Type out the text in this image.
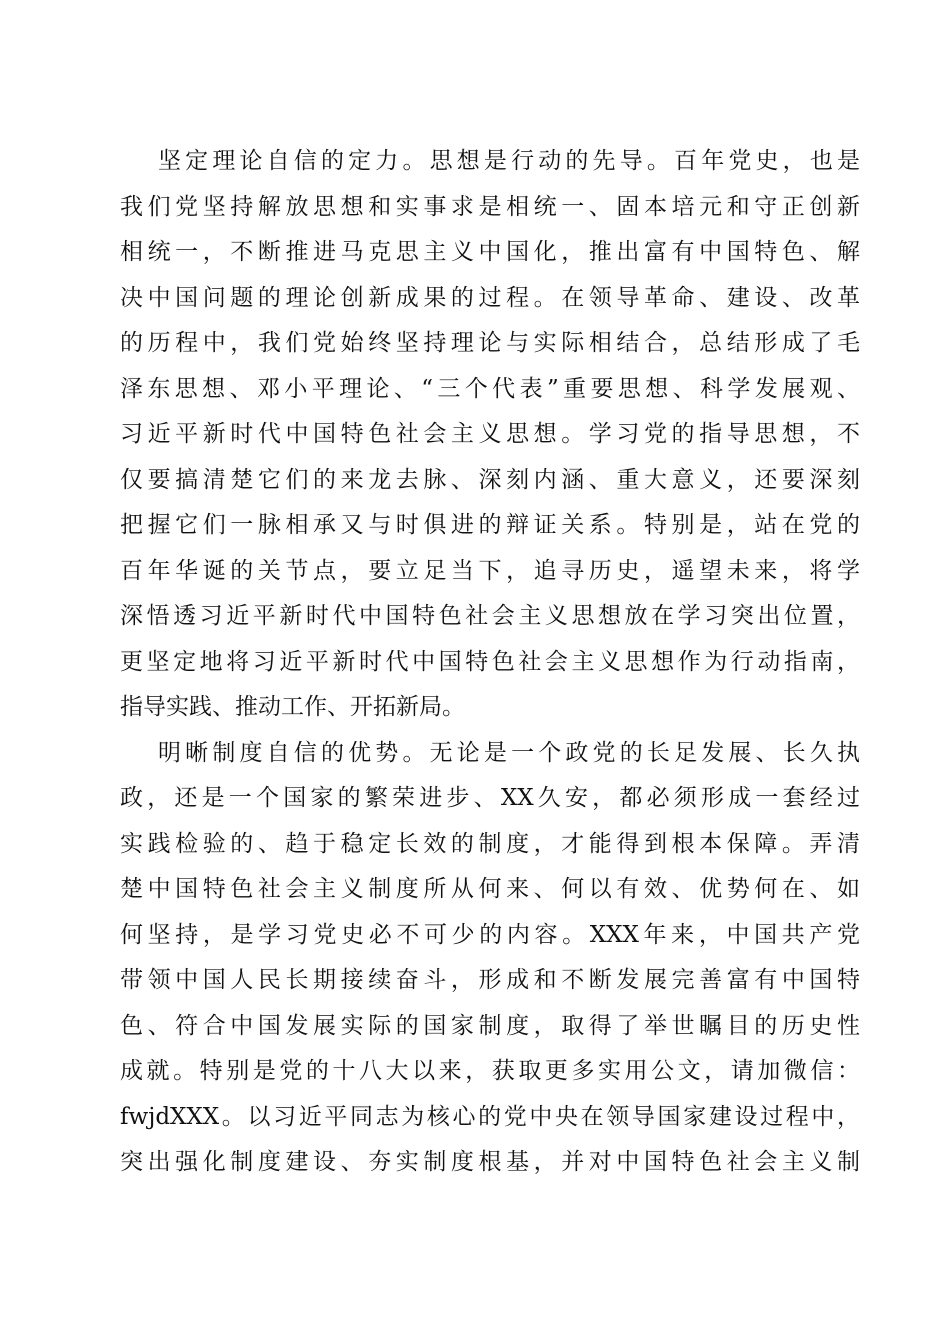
坚定理论自信的定力。思想是行动的先导。百年党史，也是
我们党坚持解放思想和实事求是相统一、固本培元和守正创新
相统一，不断推进马克思主义中国化，推出富有中国特色、解
决中国问题的理论创新成果的过程。在领导革命、建设、改革
的历程中，我们党始终坚持理论与实际相结合，总结形成了毛
泽东思想、邓小平理论、“三个代表”重要思想、科学发展观、
习近平新时代中国特色社会主义思想。学习党的指导思想，不
仅要搞清楚它们的来龙去脉、深刻内涵、重大意义，还要深刻
把握它们一脉相承又与时俱进的辩证关系。特别是，站在党的
百年华诞的关节点，要立足当下，追寻历史，遥望未来，将学
深悟透习近平新时代中国特色社会主义思想放在学习突出位置，
更坚定地将习近平新时代中国特色社会主义思想作为行动指南，
指导实践、推动工作、开拓新局。
明晰制度自信的优势。无论是一个政党的长足发展、长久执
政，还是一个国家的繁荣进步、XX久安，都必须形成一套经过
实践检验的、趋于稳定长效的制度，才能得到根本保障。弄清
楚中国特色社会主义制度所从何来、何以有效、优势何在、如
何坚持，是学习党史必不可少的内容。XXX年来，中国共产党
带领中国人民长期接续奋斗，形成和不断发展完善富有中国特
色、符合中国发展实际的国家制度，取得了举世瞩目的历史性
成就。特别是党的十八大以来，获取更多实用公文，请加微信：
fwjdXXX。以习近平同志为核心的党中央在领导国家建设过程中，
突出强化制度建设、夯实制度根基，并对中国特色社会主义制
